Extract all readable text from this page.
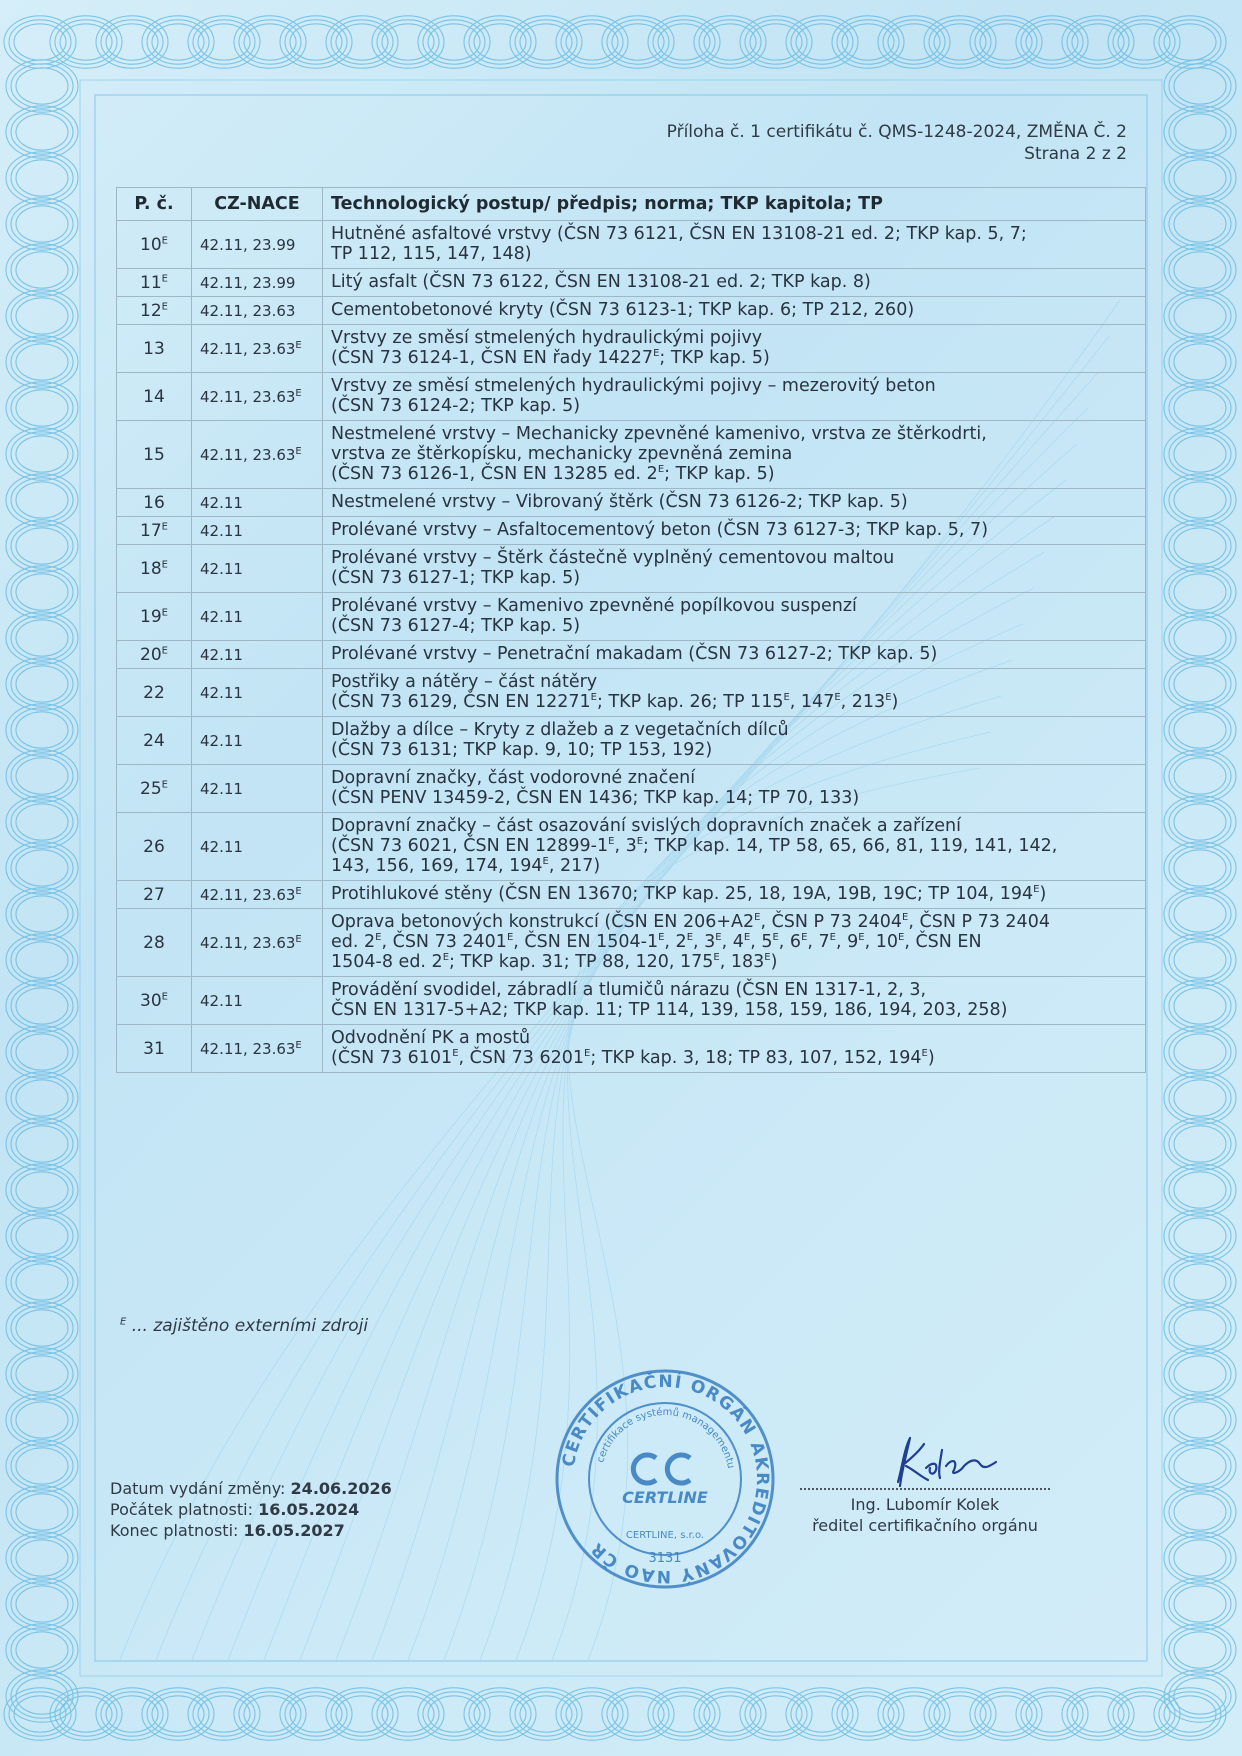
Příloha č. 1 certifikátu č. QMS-1248-2024, ZMĚNA Č. 2
Strana 2 z 2
P. č.	CZ-NACE	Technologický postup/ předpis; norma; TKP kapitola; TP
$10^E$	42.11, 23.99	Hutněné asfaltové vrstvy (ČSN 73 6121, ČSN EN 13108-21 ed. 2; TKP kap. 5, 7;
TP 112, 115, 147, 148)

$11^E$	42.11, 23.99	Litý asfalt (ČSN 73 6122, ČSN EN 13108-21 ed. 2; TKP kap. 8)

$12^E$	42.11, 23.63	Cementobetonové kryty (ČSN 73 6123-1; TKP kap. 6; TP 212, 260)

13	42.11, $23.63^E$	Vrstvy ze směsí stmelených hydraulickými pojivy
(ČSN 73 6124-1, ČSN EN řady $14227^E$; TKP kap. 5)

14	42.11, $23.63^E$	Vrstvy ze směsí stmelených hydraulickými pojivy – mezerovitý beton
(ČSN 73 6124-2; TKP kap. 5)

15	42.11, $23.63^E$	Nestmelené vrstvy – Mechanicky zpevněné kamenivo, vrstva ze štěrkodrti,
vrstva ze štěrkopísku, mechanicky zpevněná zemina
(ČSN 73 6126-1, ČSN EN 13285 ed. $2^E$; TKP kap. 5)

16	42.11	Nestmelené vrstvy – Vibrovaný štěrk (ČSN 73 6126-2; TKP kap. 5)

$17^E$	42.11	Prolévané vrstvy – Asfaltocementový beton (ČSN 73 6127-3; TKP kap. 5, 7)

$18^E$	42.11	Prolévané vrstvy – Štěrk částečně vyplněný cementovou maltou
(ČSN 73 6127-1; TKP kap. 5)

$19^E$	42.11	Prolévané vrstvy – Kamenivo zpevněné popílkovou suspenzí
(ČSN 73 6127-4; TKP kap. 5)

$20^E$	42.11	Prolévané vrstvy – Penetrační makadam (ČSN 73 6127-2; TKP kap. 5)

22	42.11	Postřiky a nátěry – část nátěry
(ČSN 73 6129, ČSN EN $12271^E$; TKP kap. 26; TP $115^E$, $147^E$, $213^E$)

24	42.11	Dlažby a dílce – Kryty z dlažeb a z vegetačních dílců
(ČSN 73 6131; TKP kap. 9, 10; TP 153, 192)

$25^E$	42.11	Dopravní značky, část vodorovné značení
(ČSN PENV 13459-2, ČSN EN 1436; TKP kap. 14; TP 70, 133)

26	42.11	Dopravní značky – část osazování svislých dopravních značek a zařízení
(ČSN 73 6021, ČSN EN $12899-1^E$, $3^E$; TKP kap. 14, TP 58, 65, 66, 81, 119, 141, 142,
143, 156, 169, 174, $194^E$, 217)

27	42.11, $23.63^E$	Protihlukové stěny (ČSN EN 13670; TKP kap. 25, 18, 19A, 19B, 19C; TP 104, $194^E$)

28	42.11, $23.63^E$	Oprava betonových konstrukcí (ČSN EN $206+A2^E$, ČSN P 73 $2404^E$, ČSN P 73 2404
ed. $2^E$, ČSN 73 $2401^E$, ČSN EN $1504-1^E$, $2^E$, $3^E$, $4^E$, $5^E$, $6^E$, $7^E$, $9^E$, $10^E$, ČSN EN
1504-8 ed. $2^E$; TKP kap. 31; TP 88, 120, $175^E$, $183^E$)

$30^E$	42.11	Provádění svodidel, zábradlí a tlumičů nárazu (ČSN EN 1317-1, 2, 3,
ČSN EN 1317-5+A2; TKP kap. 11; TP 114, 139, 158, 159, 186, 194, 203, 258)

31	42.11, $23.63^E$	Odvodnění PK a mostů
(ČSN 73 $6101^E$, ČSN 73 $6201^E$; TKP kap. 3, 18; TP 83, 107, 152, $194^E$)
$^E$ ... zajištěno externími zdroji
Datum vydání změny: 24.06.2026
Počátek platnosti: 16.05.2024
Konec platnosti: 16.05.2027
CERTIFIKAČNÍ ORGÁN AKREDITOVANÝ NAO ČR
certifikace systémů managementu
CERTLINE
CERTLINE, s.r.o.
3131
Ing. Lubomír Kolek
ředitel certifikačního orgánu
